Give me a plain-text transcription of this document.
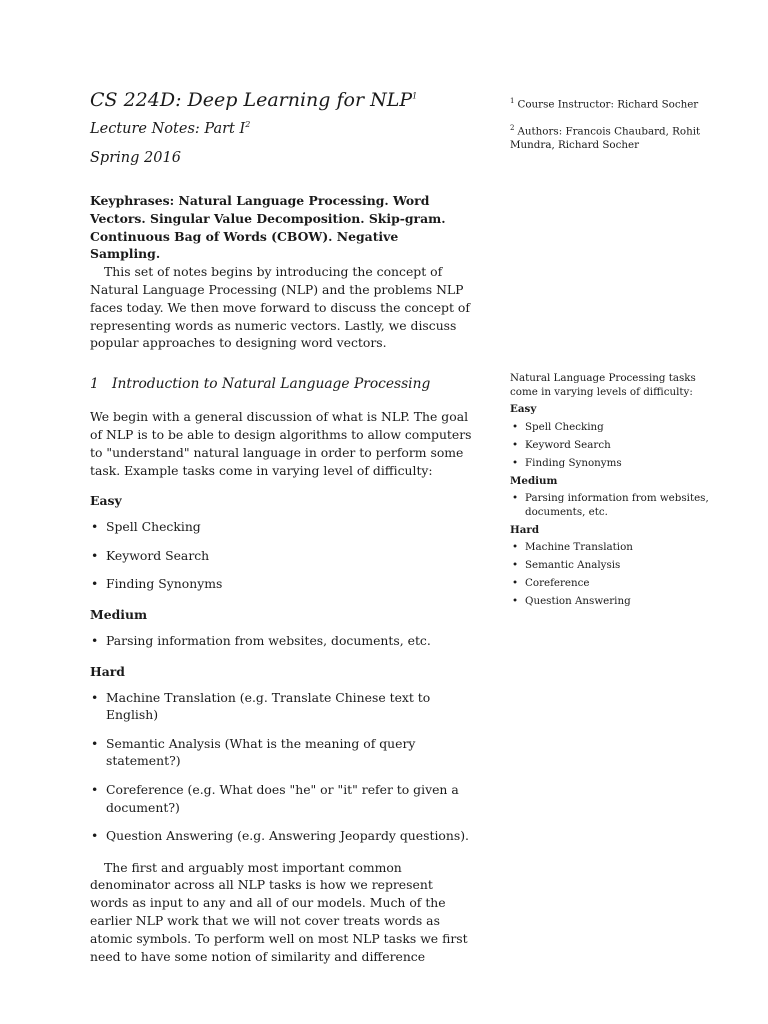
CS 224D: Deep Learning for NLP$^1$
Lecture Notes: Part $I^2$
Spring 2016

Keyphrases: Natural Language Processing. Word Vectors. Singular Value Decomposition. Skip-gram. Continuous Bag of Words (CBOW). Negative Sampling.

This set of notes begins by introducing the concept of Natural Language Processing (NLP) and the problems NLP faces today. We then move forward to discuss the concept of representing words as numeric vectors. Lastly, we discuss popular approaches to designing word vectors.

1 Introduction to Natural Language Processing

We begin with a general discussion of what is NLP. The goal of NLP is to be able to design algorithms to allow computers to "understand" natural language in order to perform some task. Example tasks come in varying level of difficulty:

Easy
• Spell Checking
• Keyword Search
• Finding Synonyms
Medium
• Parsing information from websites, documents, etc.
Hard
• Machine Translation (e.g. Translate Chinese text to English)
• Semantic Analysis (What is the meaning of query statement?)
• Coreference (e.g. What does "he" or "it" refer to given a document?)
• Question Answering (e.g. Answering Jeopardy questions).

The first and arguably most important common denominator across all NLP tasks is how we represent words as input to any and all of our models. Much of the earlier NLP work that we will not cover treats words as atomic symbols. To perform well on most NLP tasks we first need to have some notion of similarity and difference

$^1$ Course Instructor: Richard Socher
$^2$ Authors: Francois Chaubard, Rohit Mundra, Richard Socher
Natural Language Processing tasks come in varying levels of difficulty:
Easy
• Spell Checking
• Keyword Search
• Finding Synonyms
Medium
• Parsing information from websites, documents, etc.
Hard
• Machine Translation
• Semantic Analysis
• Coreference
• Question Answering
